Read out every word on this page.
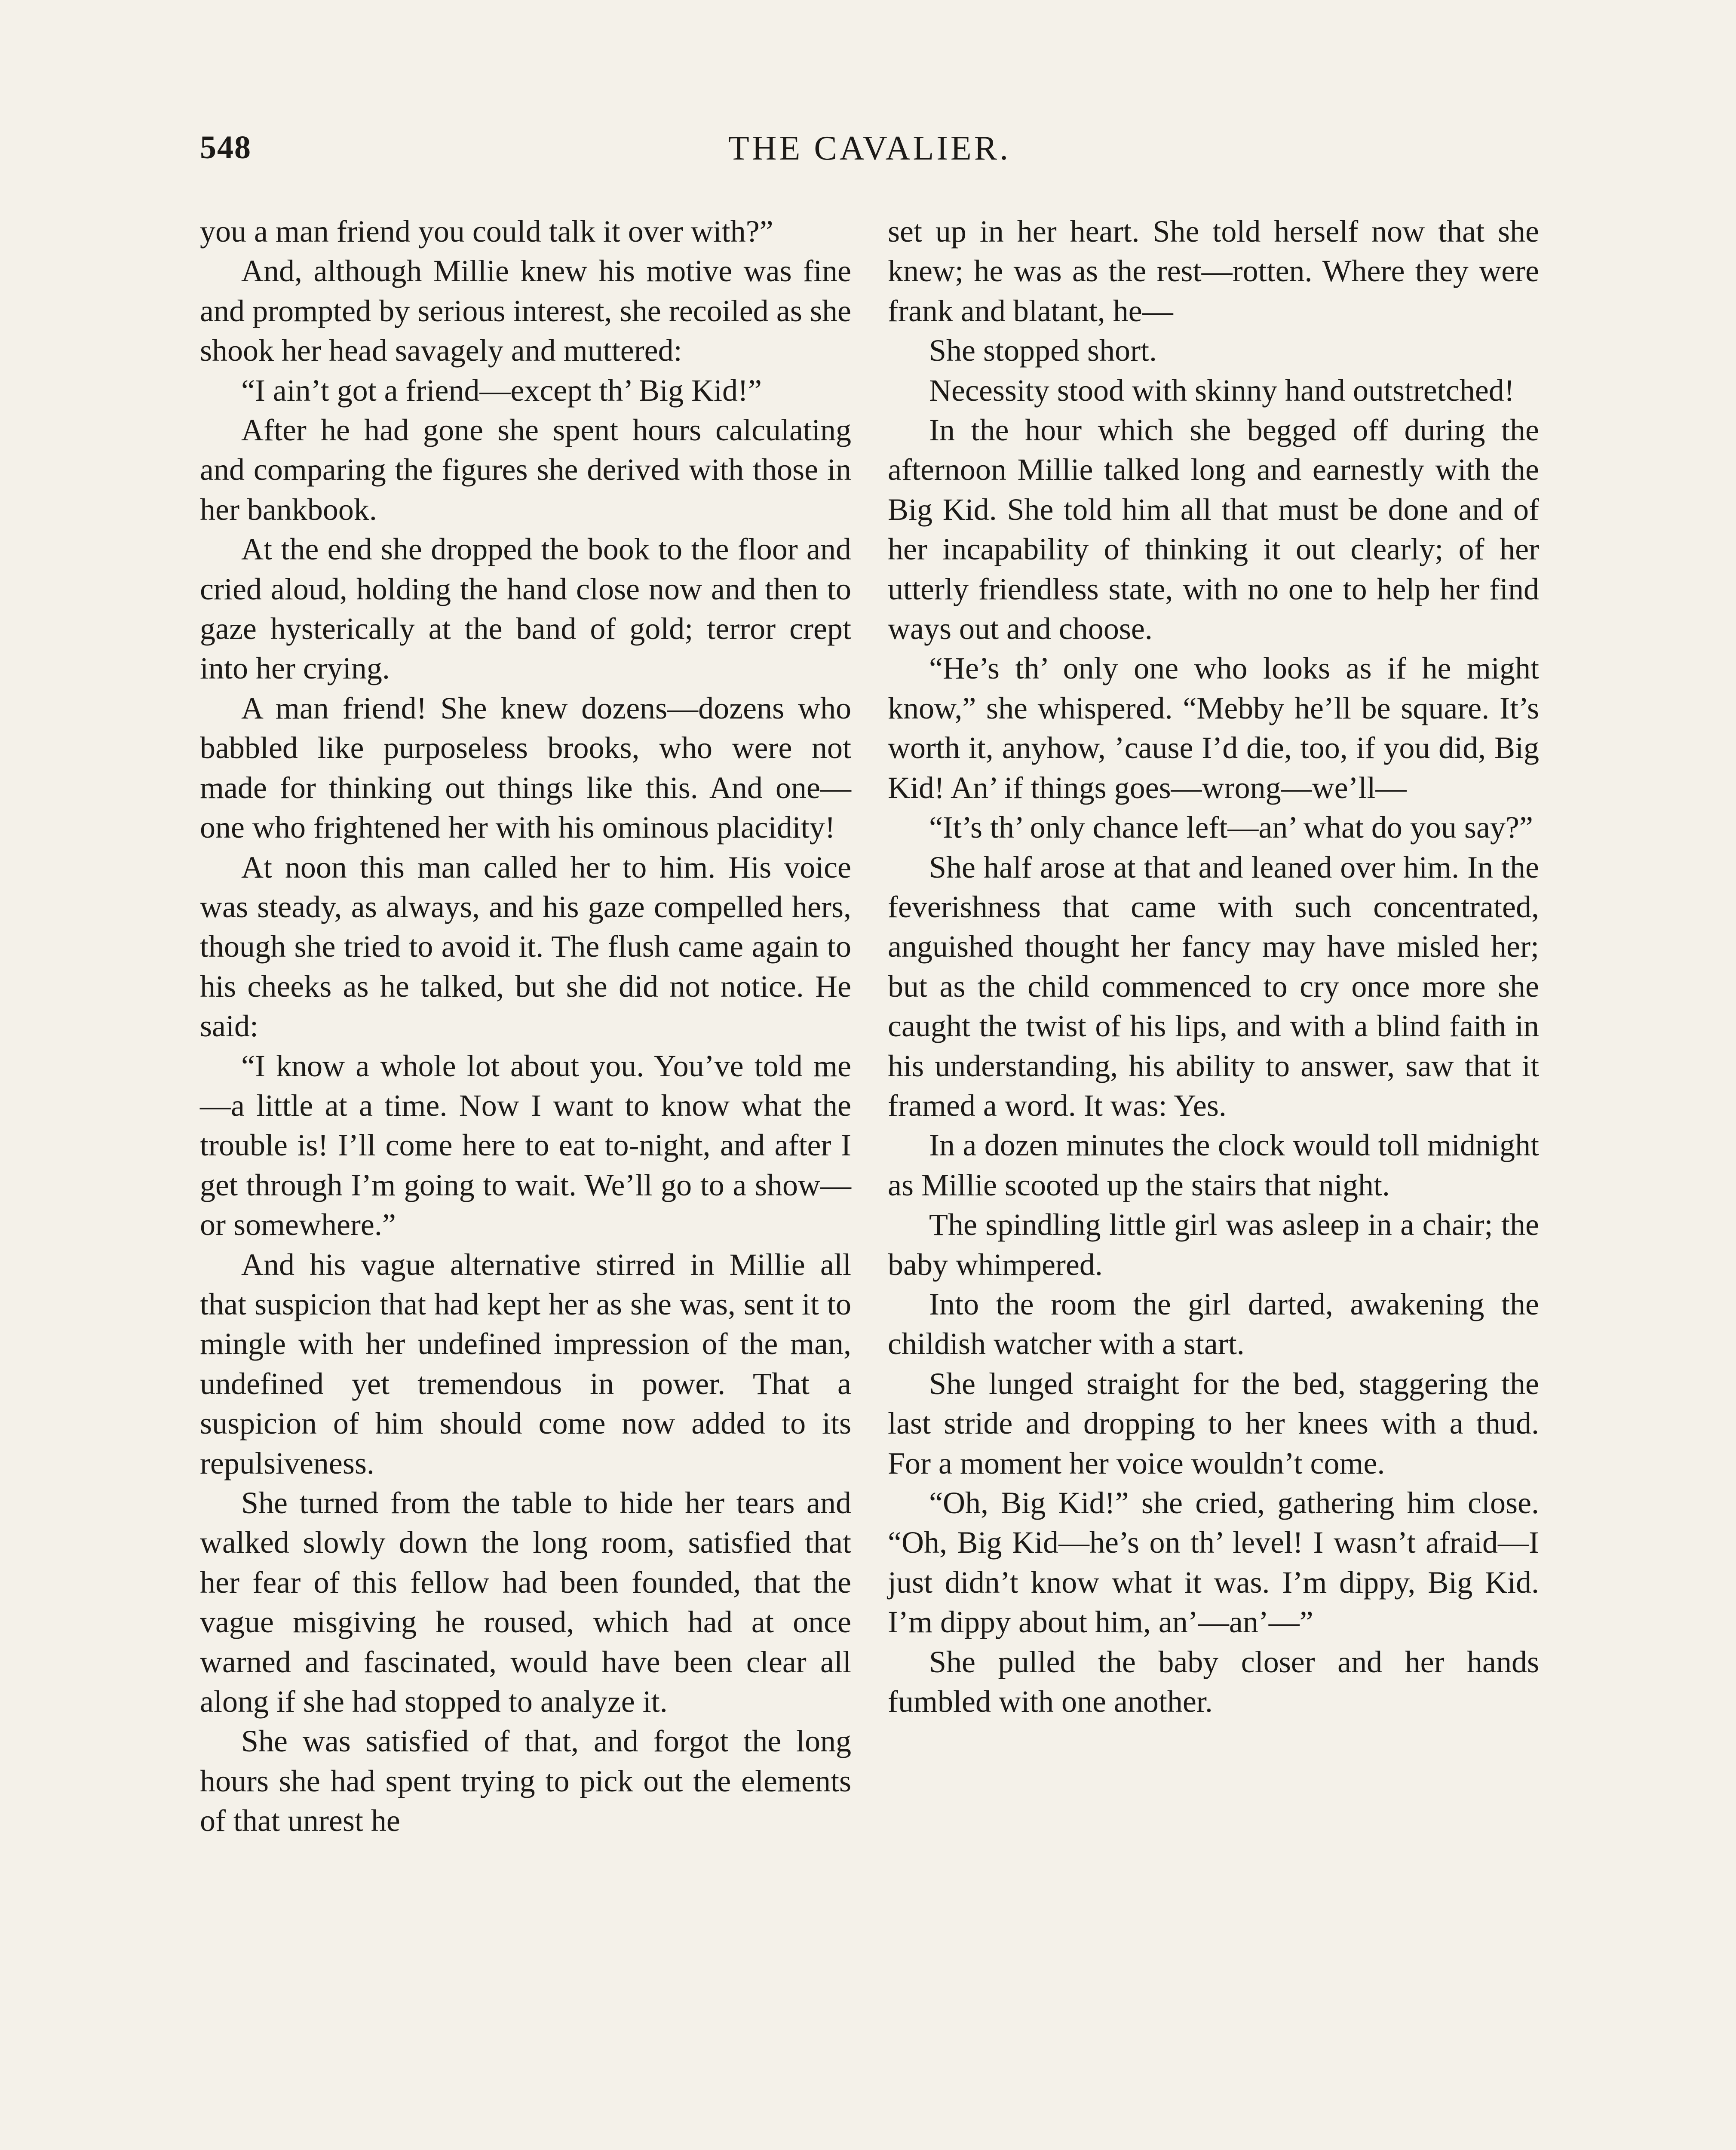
548	THE CAVALIER.

you a man friend you could talk it over with?”

And, although Millie knew his motive was fine and prompted by serious interest, she recoiled as she shook her head savagely and muttered:

“I ain’t got a friend—except th’ Big Kid!”

After he had gone she spent hours calculating and comparing the figures she derived with those in her bankbook.

At the end she dropped the book to the floor and cried aloud, holding the hand close now and then to gaze hysterically at the band of gold; terror crept into her crying.

A man friend! She knew dozens—dozens who babbled like purposeless brooks, who were not made for thinking out things like this. And one—one who frightened her with his ominous placidity!

At noon this man called her to him. His voice was steady, as always, and his gaze compelled hers, though she tried to avoid it. The flush came again to his cheeks as he talked, but she did not notice. He said:

“I know a whole lot about you. You’ve told me—a little at a time. Now I want to know what the trouble is! I’ll come here to eat to-night, and after I get through I’m going to wait. We’ll go to a show—or somewhere.”

And his vague alternative stirred in Millie all that suspicion that had kept her as she was, sent it to mingle with her undefined impression of the man, undefined yet tremendous in power. That a suspicion of him should come now added to its repulsiveness.

She turned from the table to hide her tears and walked slowly down the long room, satisfied that her fear of this fellow had been founded, that the vague misgiving he roused, which had at once warned and fascinated, would have been clear all along if she had stopped to analyze it.

She was satisfied of that, and forgot the long hours she had spent trying to pick out the elements of that unrest he

set up in her heart. She told herself now that she knew; he was as the rest—rotten. Where they were frank and blatant, he—

She stopped short.

Necessity stood with skinny hand outstretched!

In the hour which she begged off during the afternoon Millie talked long and earnestly with the Big Kid. She told him all that must be done and of her incapability of thinking it out clearly; of her utterly friendless state, with no one to help her find ways out and choose.

“He’s th’ only one who looks as if he might know,” she whispered. “Mebby he’ll be square. It’s worth it, anyhow, ’cause I’d die, too, if you did, Big Kid! An’ if things goes—wrong—we’ll—

“It’s th’ only chance left—an’ what do you say?”

She half arose at that and leaned over him. In the feverishness that came with such concentrated, anguished thought her fancy may have misled her; but as the child commenced to cry once more she caught the twist of his lips, and with a blind faith in his understanding, his ability to answer, saw that it framed a word. It was: Yes.

In a dozen minutes the clock would toll midnight as Millie scooted up the stairs that night.

The spindling little girl was asleep in a chair; the baby whimpered.

Into the room the girl darted, awakening the childish watcher with a start.

She lunged straight for the bed, staggering the last stride and dropping to her knees with a thud. For a moment her voice wouldn’t come.

“Oh, Big Kid!” she cried, gathering him close. “Oh, Big Kid—he’s on th’ level! I wasn’t afraid—I just didn’t know what it was. I’m dippy, Big Kid. I’m dippy about him, an’—an’—”

She pulled the baby closer and her hands fumbled with one another.
